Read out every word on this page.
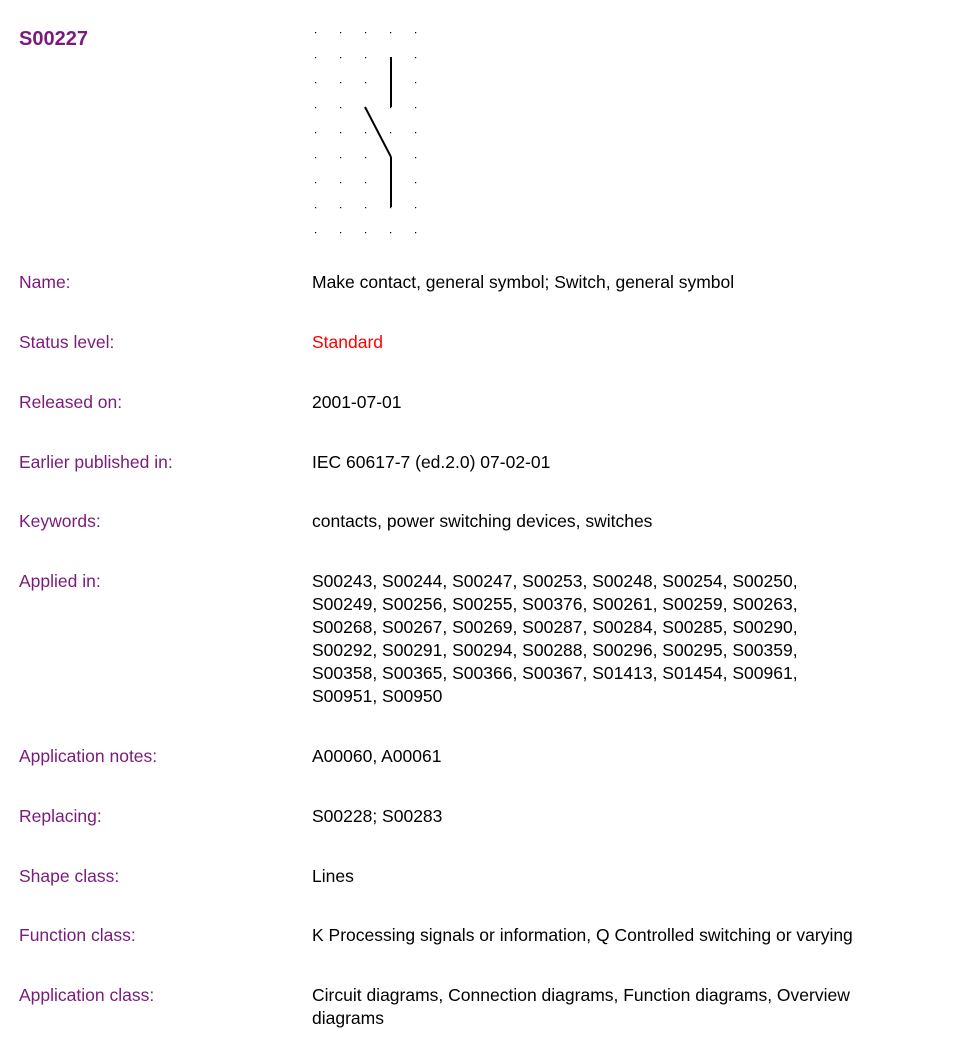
S00227
Name:	Make contact, general symbol; Switch, general symbol
Status level:	Standard
Released on:	2001-07-01
Earlier published in:	IEC 60617-7 (ed.2.0) 07-02-01
Keywords:	contacts, power switching devices, switches
Applied in:	S00243, S00244, S00247, S00253, S00248, S00254, S00250,
S00249, S00256, S00255, S00376, S00261, S00259, S00263,
S00268, S00267, S00269, S00287, S00284, S00285, S00290,
S00292, S00291, S00294, S00288, S00296, S00295, S00359,
S00358, S00365, S00366, S00367, S01413, S01454, S00961,
S00951, S00950
Application notes:	A00060, A00061
Replacing:	S00228; S00283
Shape class:	Lines
Function class:	K Processing signals or information, Q Controlled switching or varying
Application class:	Circuit diagrams, Connection diagrams, Function diagrams, Overview
diagrams
